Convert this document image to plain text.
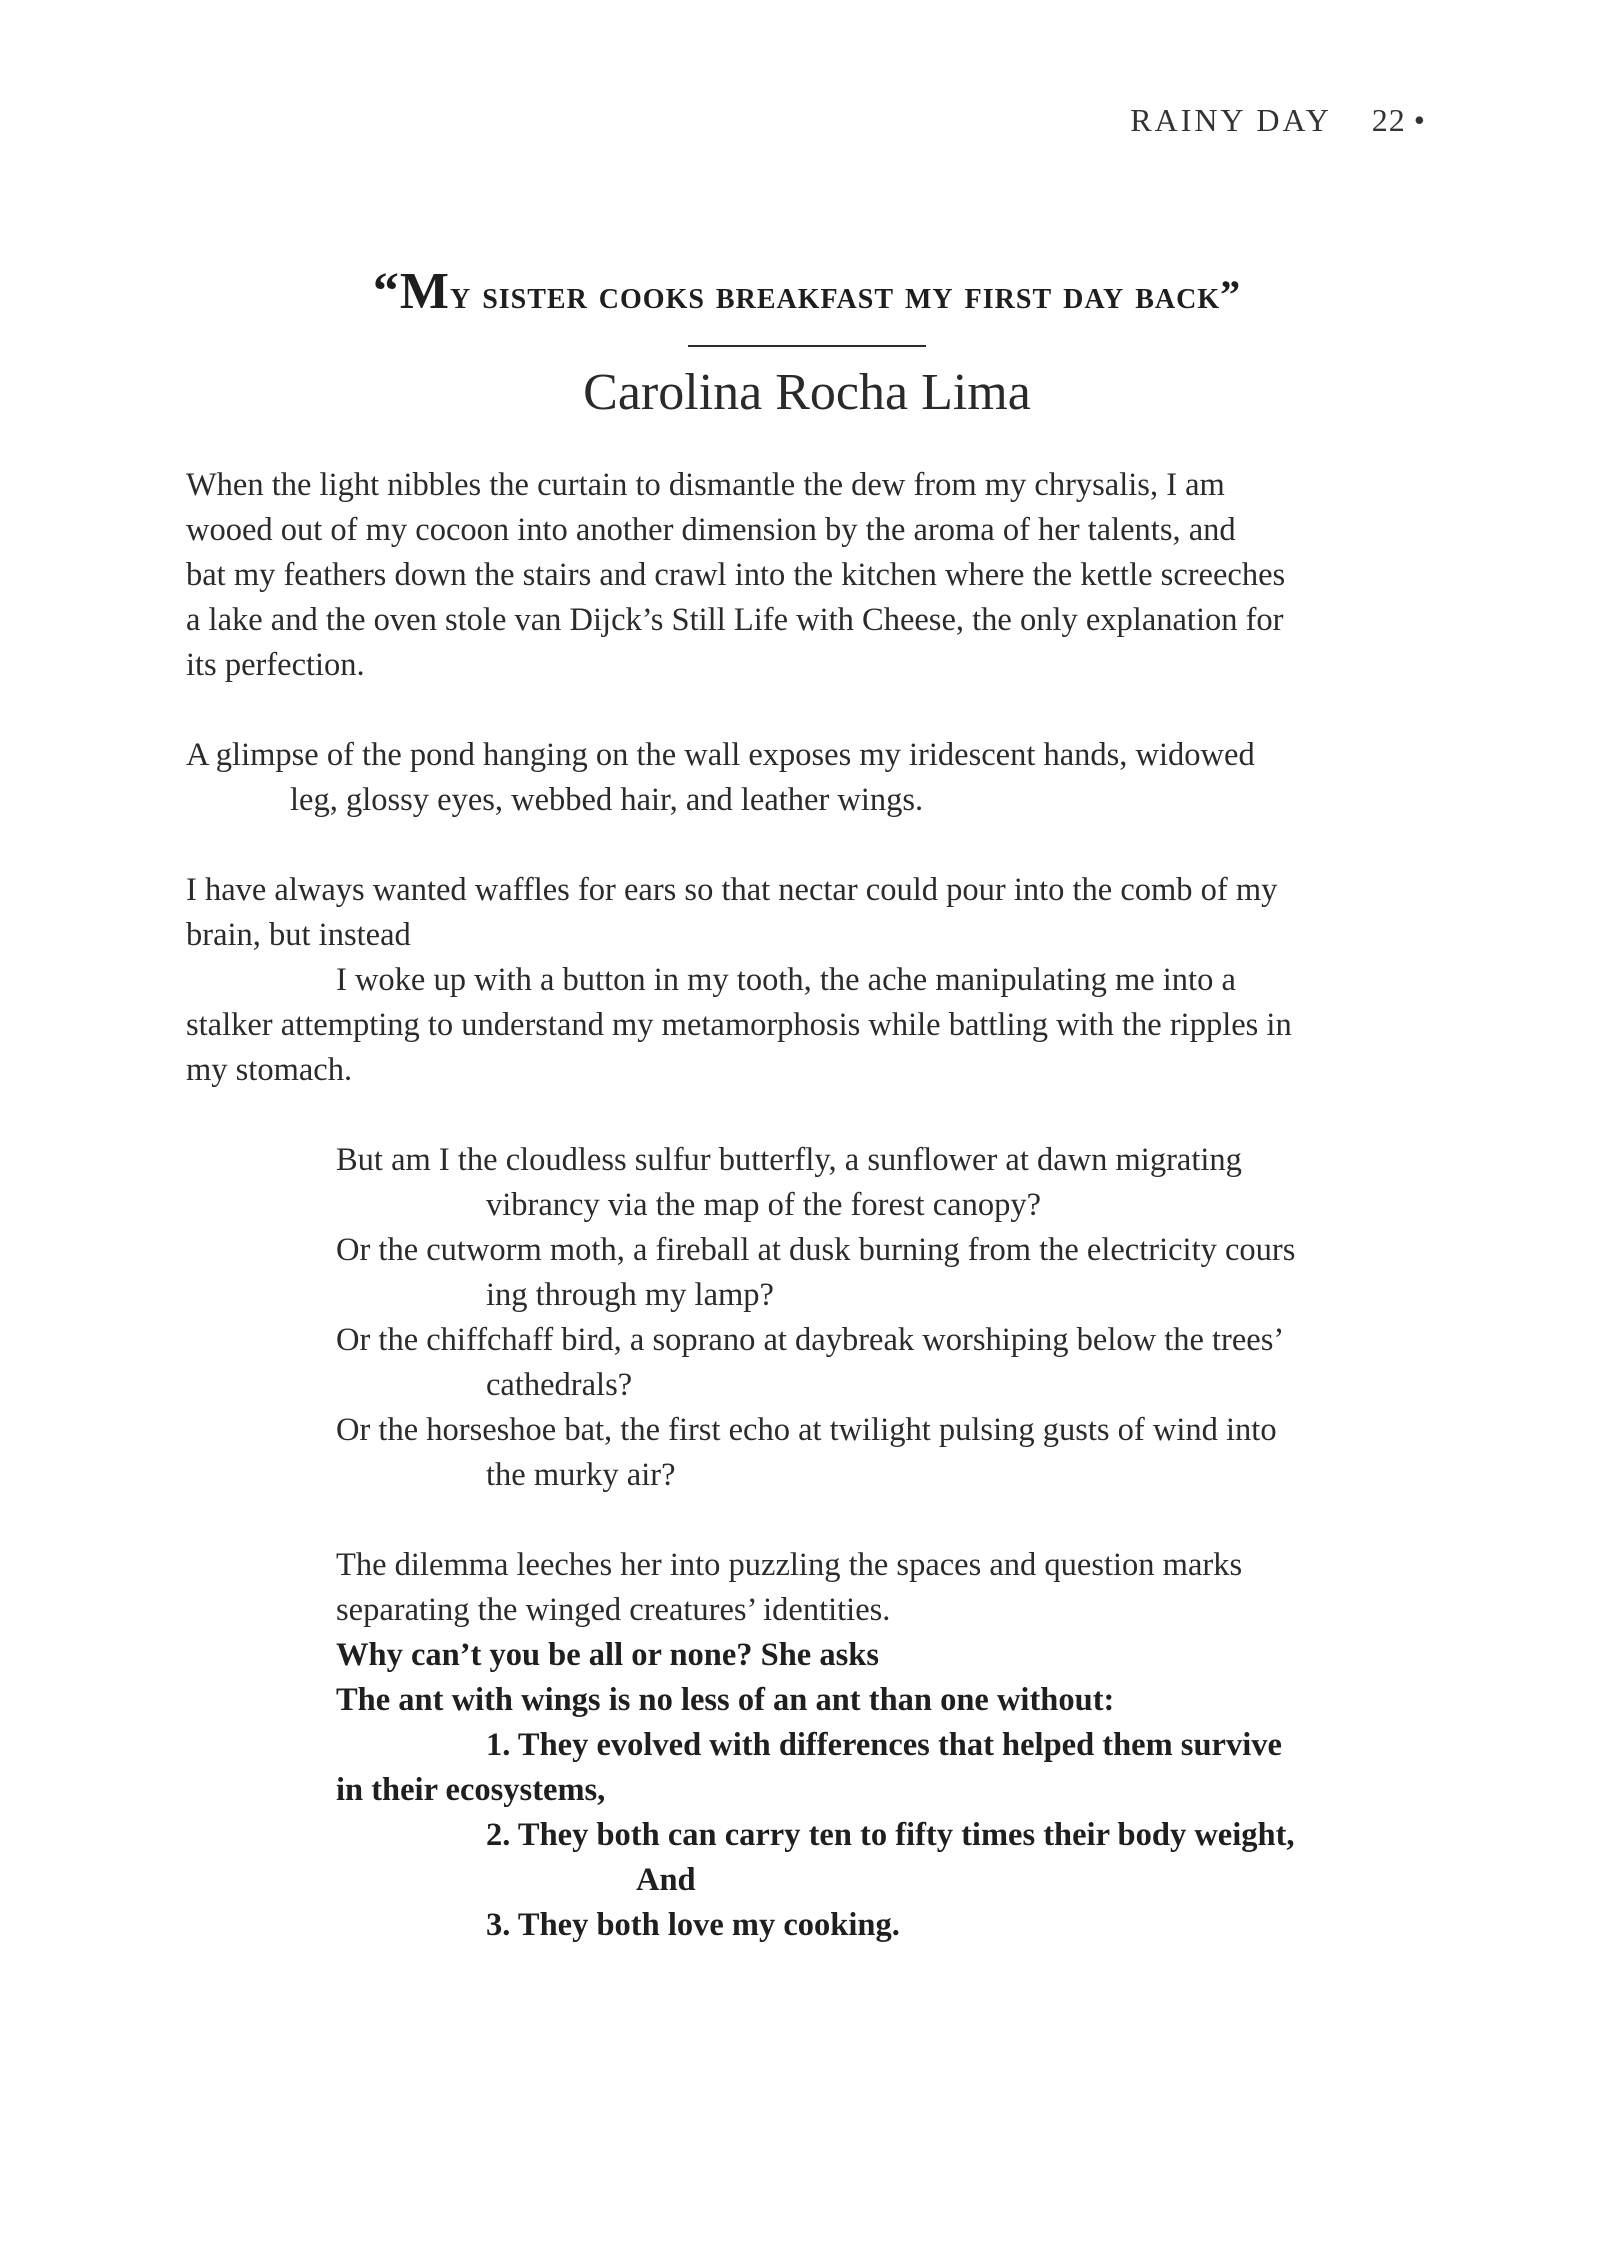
RAINY DAY 22 •
“My sister cooks breakfast my first day back”
Carolina Rocha Lima
When the light nibbles the curtain to dismantle the dew from my chrysalis, I am
wooed out of my cocoon into another dimension by the aroma of her talents, and
bat my feathers down the stairs and crawl into the kitchen where the kettle screeches
a lake and the oven stole van Dijck’s Still Life with Cheese, the only explanation for
its perfection.
A glimpse of the pond hanging on the wall exposes my iridescent hands, widowed
leg, glossy eyes, webbed hair, and leather wings.
I have always wanted waffles for ears so that nectar could pour into the comb of my
brain, but instead
I woke up with a button in my tooth, the ache manipulating me into a
stalker attempting to understand my metamorphosis while battling with the ripples in
my stomach.
But am I the cloudless sulfur butterfly, a sunflower at dawn migrating
vibrancy via the map of the forest canopy?
Or the cutworm moth, a fireball at dusk burning from the electricity cours
ing through my lamp?
Or the chiffchaff bird, a soprano at daybreak worshiping below the trees’
cathedrals?
Or the horseshoe bat, the first echo at twilight pulsing gusts of wind into
the murky air?
The dilemma leeches her into puzzling the spaces and question marks
separating the winged creatures’ identities.
Why can’t you be all or none? She asks
The ant with wings is no less of an ant than one without:
1. They evolved with differences that helped them survive
in their ecosystems,
2. They both can carry ten to fifty times their body weight,
And
3. They both love my cooking.
